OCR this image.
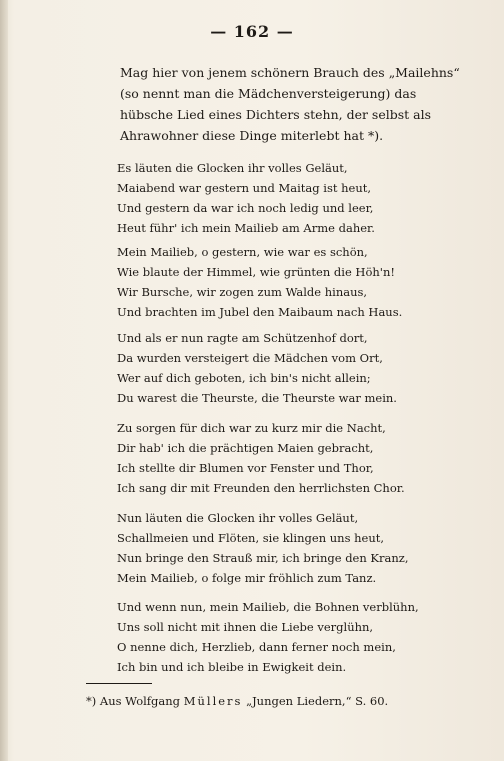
— 162 —

Mag hier von jenem schönern Brauch des „Mailehns“ (so nennt man die Mädchenversteigerung) das hübsche Lied eines Dichters stehn, der selbst als Ahrawohner diese Dinge miterlebt hat *).

Es läuten die Glocken ihr volles Geläut,
Maiabend war gestern und Maitag ist heut,
Und gestern da war ich noch ledig und leer,
Heut führ' ich mein Mailieb am Arme daher.
Mein Mailieb, o gestern, wie war es schön,
Wie blaute der Himmel, wie grünten die Höh'n!
Wir Bursche, wir zogen zum Walde hinaus,
Und brachten im Jubel den Maibaum nach Haus.
Und als er nun ragte am Schützenhof dort,
Da wurden versteigert die Mädchen vom Ort,
Wer auf dich geboten, ich bin's nicht allein;
Du warest die Theurste, die Theurste war mein.
Zu sorgen für dich war zu kurz mir die Nacht,
Dir hab' ich die prächtigen Maien gebracht,
Ich stellte dir Blumen vor Fenster und Thor,
Ich sang dir mit Freunden den herrlichsten Chor.
Nun läuten die Glocken ihr volles Geläut,
Schallmeien und Flöten, sie klingen uns heut,
Nun bringe den Strauß mir, ich bringe den Kranz,
Mein Mailieb, o folge mir fröhlich zum Tanz.
Und wenn nun, mein Mailieb, die Bohnen verblühn,
Uns soll nicht mit ihnen die Liebe verglühn,
O nenne dich, Herzlieb, dann ferner noch mein,
Ich bin und ich bleibe in Ewigkeit dein.
*) Aus Wolfgang Müllers „Jungen Liedern,“ S. 60.
